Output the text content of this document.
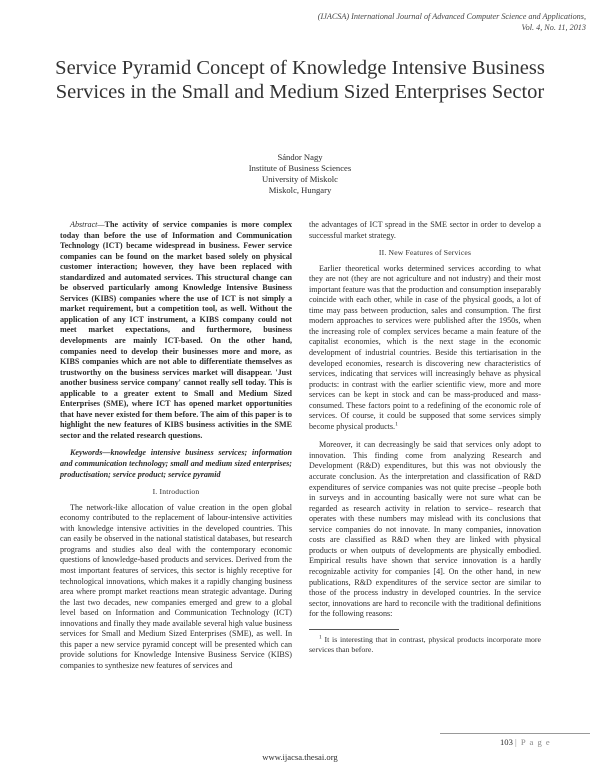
(IJACSA) International Journal of Advanced Computer Science and Applications,
Vol. 4, No. 11, 2013
Service Pyramid Concept of Knowledge Intensive Business Services in the Small and Medium Sized Enterprises Sector
Sándor Nagy
Institute of Business Sciences
University of Miskolc
Miskolc, Hungary

Abstract—The activity of service companies is more complex today than before the use of Information and Communication Technology (ICT) became widespread in business. Fewer service companies can be found on the market based solely on physical customer interaction; however, they have been replaced with standardized and automated services. This structural change can be observed particularly among Knowledge Intensive Business Services (KIBS) companies where the use of ICT is not simply a market requirement, but a competition tool, as well. Without the application of any ICT instrument, a KIBS company could not meet market expectations, and furthermore, business developments are mainly ICT-based. On the other hand, companies need to develop their businesses more and more, as KIBS companies which are not able to differentiate themselves as trustworthy on the business services market will disappear. 'Just another business service company' cannot really sell today. This is applicable to a greater extent to Small and Medium Sized Enterprises (SME), where ICT has opened market opportunities that have never existed for them before. The aim of this paper is to highlight the new features of KIBS business activities in the SME sector and the related research questions.

Keywords—knowledge intensive business services; information and communication technology; small and medium sized enterprises; productisation; service product; service pyramid

I. Introduction

The network-like allocation of value creation in the open global economy contributed to the replacement of labour-intensive activities with knowledge intensive activities in the developed countries. This can easily be observed in the national statistical databases, but research programs and studies also deal with the contemporary economic questions of knowledge-based products and services. Derived from the most important features of services, this sector is highly receptive for technological innovations, which makes it a rapidly changing business area where prompt market reactions mean strategic advantage. During the last two decades, new companies emerged and grew to a global level based on Information and Communication Technology (ICT) innovations and finally they made available several high value business services for Small and Medium Sized Enterprises (SME), as well. In this paper a new service pyramid concept will be presented which can provide solutions for Knowledge Intensive Business Service (KIBS) companies to synthesize new features of services and

the advantages of ICT spread in the SME sector in order to develop a successful market strategy.

II. New Features of Services

Earlier theoretical works determined services according to what they are not (they are not agriculture and not industry) and their most important feature was that the production and consumption inseparably coincide with each other, while in case of the physical goods, a lot of time may pass between production, sales and consumption. The first modern approaches to services were published after the 1950s, when the increasing role of complex services became a main feature of the capitalist economies, which is the next stage in the economic development of industrial countries. Beside this tertiarisation in the developed economies, research is discovering new characteristics of services, indicating that services will increasingly behave as physical products: in contrast with the earlier scientific view, more and more services can be kept in stock and can be mass-produced and mass-consumed. These factors point to a redefining of the economic role of services. Of course, it could be supposed that some services simply become physical products.$^1$

Moreover, it can decreasingly be said that services only adopt to innovation. This finding come from analyzing Research and Development (R&D) expenditures, but this was not obviously the accurate conclusion. As the interpretation and classification of R&D expenditures of service companies was not quite precise –people both in surveys and in accounting basically were not sure what can be regarded as research activity in relation to service– research that operates with these numbers may mislead with its conclusions that service companies do not innovate. In many companies, innovation costs are classified as R&D when they are linked with physical products or when outputs of developments are physically embodied. Empirical results have shown that service innovation is a hardly recognizable activity for companies [4]. On the other hand, in new publications, R&D expenditures of the service sector are similar to those of the process industry in developed countries. In the service sector, innovations are hard to reconcile with the traditional definitions for the following reasons:

$^1$ It is interesting that in contrast, physical products incorporate more services than before.

103 | P a g e
www.ijacsa.thesai.org
